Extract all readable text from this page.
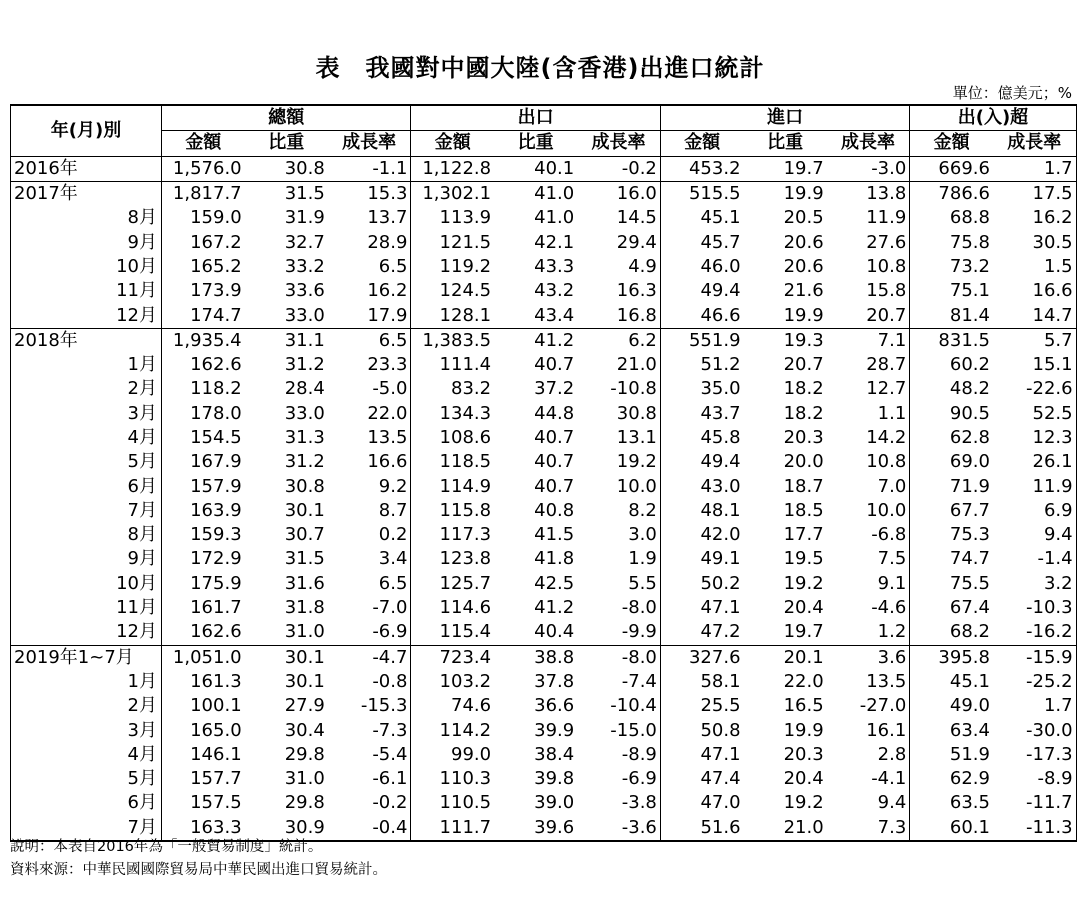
表　我國對中國大陸(含香港)出進口統計
單位：億美元；%
年(月)別	總額			出口			進口			出(入)超	
	金額	比重	成長率	金額	比重	成長率	金額	比重	成長率	金額	成長率
2016年	1,576.0	30.8	-1.1	1,122.8	40.1	-0.2	453.2	19.7	-3.0	669.6	1.7
2017年	1,817.7	31.5	15.3	1,302.1	41.0	16.0	515.5	19.9	13.8	786.6	17.5
8月	159.0	31.9	13.7	113.9	41.0	14.5	45.1	20.5	11.9	68.8	16.2
9月	167.2	32.7	28.9	121.5	42.1	29.4	45.7	20.6	27.6	75.8	30.5
10月	165.2	33.2	6.5	119.2	43.3	4.9	46.0	20.6	10.8	73.2	1.5
11月	173.9	33.6	16.2	124.5	43.2	16.3	49.4	21.6	15.8	75.1	16.6
12月	174.7	33.0	17.9	128.1	43.4	16.8	46.6	19.9	20.7	81.4	14.7
2018年	1,935.4	31.1	6.5	1,383.5	41.2	6.2	551.9	19.3	7.1	831.5	5.7
1月	162.6	31.2	23.3	111.4	40.7	21.0	51.2	20.7	28.7	60.2	15.1
2月	118.2	28.4	-5.0	83.2	37.2	-10.8	35.0	18.2	12.7	48.2	-22.6
3月	178.0	33.0	22.0	134.3	44.8	30.8	43.7	18.2	1.1	90.5	52.5
4月	154.5	31.3	13.5	108.6	40.7	13.1	45.8	20.3	14.2	62.8	12.3
5月	167.9	31.2	16.6	118.5	40.7	19.2	49.4	20.0	10.8	69.0	26.1
6月	157.9	30.8	9.2	114.9	40.7	10.0	43.0	18.7	7.0	71.9	11.9
7月	163.9	30.1	8.7	115.8	40.8	8.2	48.1	18.5	10.0	67.7	6.9
8月	159.3	30.7	0.2	117.3	41.5	3.0	42.0	17.7	-6.8	75.3	9.4
9月	172.9	31.5	3.4	123.8	41.8	1.9	49.1	19.5	7.5	74.7	-1.4
10月	175.9	31.6	6.5	125.7	42.5	5.5	50.2	19.2	9.1	75.5	3.2
11月	161.7	31.8	-7.0	114.6	41.2	-8.0	47.1	20.4	-4.6	67.4	-10.3
12月	162.6	31.0	-6.9	115.4	40.4	-9.9	47.2	19.7	1.2	68.2	-16.2
2019年1~7月	1,051.0	30.1	-4.7	723.4	38.8	-8.0	327.6	20.1	3.6	395.8	-15.9
1月	161.3	30.1	-0.8	103.2	37.8	-7.4	58.1	22.0	13.5	45.1	-25.2
2月	100.1	27.9	-15.3	74.6	36.6	-10.4	25.5	16.5	-27.0	49.0	1.7
3月	165.0	30.4	-7.3	114.2	39.9	-15.0	50.8	19.9	16.1	63.4	-30.0
4月	146.1	29.8	-5.4	99.0	38.4	-8.9	47.1	20.3	2.8	51.9	-17.3
5月	157.7	31.0	-6.1	110.3	39.8	-6.9	47.4	20.4	-4.1	62.9	-8.9
6月	157.5	29.8	-0.2	110.5	39.0	-3.8	47.0	19.2	9.4	63.5	-11.7
7月	163.3	30.9	-0.4	111.7	39.6	-3.6	51.6	21.0	7.3	60.1	-11.3
說明：本表自2016年為「一般貿易制度」統計。
資料來源：中華民國國際貿易局中華民國出進口貿易統計。
